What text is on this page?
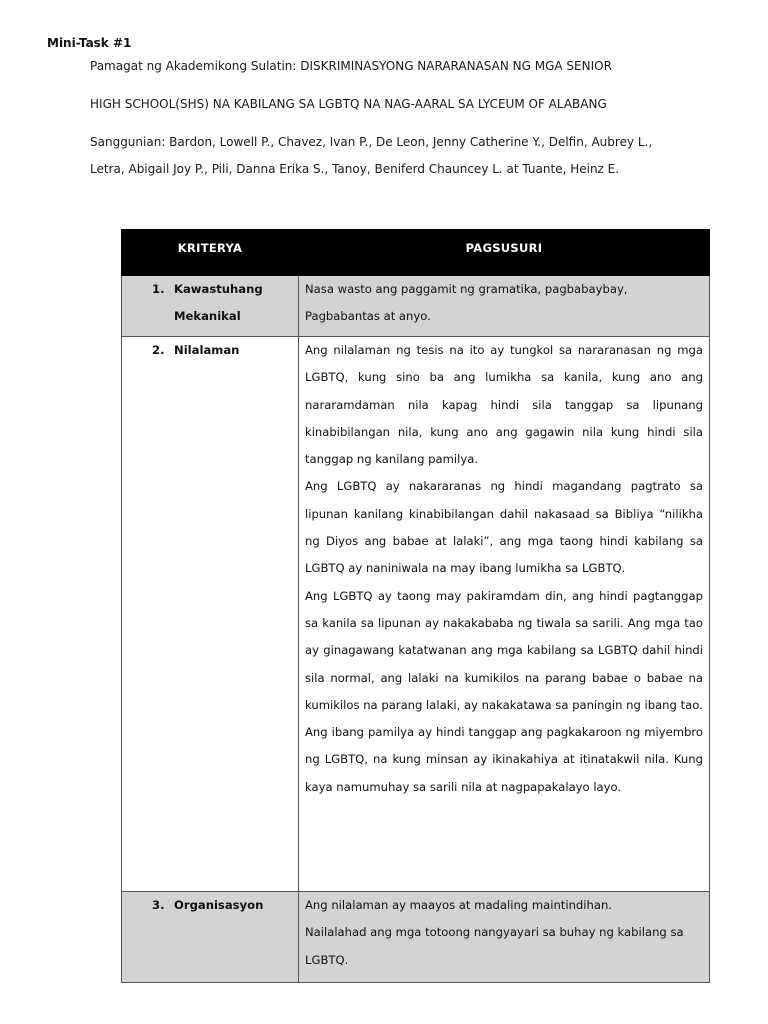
Mini-Task #1

Pamagat ng Akademikong Sulatin: DISKRIMINASYONG NARARANASAN NG MGA SENIOR

HIGH SCHOOL(SHS) NA KABILANG SA LGBTQ NA NAG-AARAL SA LYCEUM OF ALABANG

Sanggunian: Bardon, Lowell P., Chavez, Ivan P., De Leon, Jenny Catherine Y., Delfin, Aubrey L.,

Letra, Abigail Joy P., Pili, Danna Erika S., Tanoy, Beniferd Chauncey L. at Tuante, Heinz E.

KRITERYA	PAGSUSURI
1. Kawastuhang
Mekanikal	Nasa wasto ang paggamit ng gramatika, pagbabaybay, Pagbabantas at anyo.

2. Nilalaman	Ang nilalaman ng tesis na ito ay tungkol sa nararanasan ng mga LGBTQ, kung sino ba ang lumikha sa kanila, kung ano ang nararamdaman nila kapag hindi sila tanggap sa lipunang kinabibilangan nila, kung ano ang gagawin nila kung hindi sila tanggap ng kanilang pamilya.

Ang LGBTQ ay nakararanas ng hindi magandang pagtrato sa lipunan kanilang kinabibilangan dahil nakasaad sa Bibliya “nilikha ng Diyos ang babae at lalaki”, ang mga taong hindi kabilang sa LGBTQ ay naniniwala na may ibang lumikha sa LGBTQ.

Ang LGBTQ ay taong may pakiramdam din, ang hindi pagtanggap sa kanila sa lipunan ay nakakababa ng tiwala sa sarili. Ang mga tao ay ginagawang katatwanan ang mga kabilang sa LGBTQ dahil hindi sila normal, ang lalaki na kumikilos na parang babae o babae na kumikilos na parang lalaki, ay nakakatawa sa paningin ng ibang tao.

Ang ibang pamilya ay hindi tanggap ang pagkakaroon ng miyembro ng LGBTQ, na kung minsan ay ikinakahiya at itinatakwil nila. Kung kaya namumuhay sa sarili nila at nagpapakalayo layo.

3. Organisasyon	Ang nilalaman ay maayos at madaling maintindihan.

Nailalahad ang mga totoong nangyayari sa buhay ng kabilang sa LGBTQ.
